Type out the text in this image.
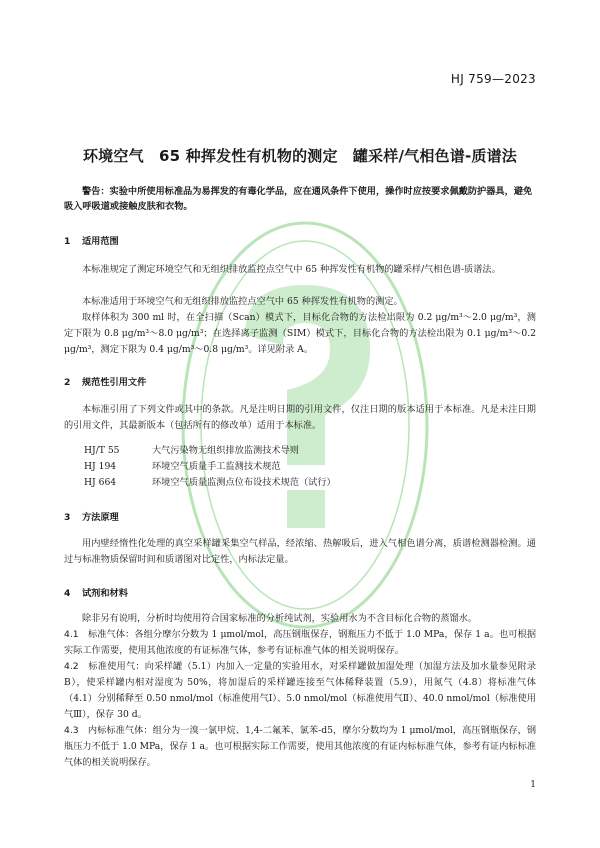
HJ 759—2023
环境空气　65 种挥发性有机物的测定　罐采样/气相色谱-质谱法
警告：实验中所使用标准品为易挥发的有毒化学品，应在通风条件下使用，操作时应按要求佩戴防护器具，避免吸入呼吸道或接触皮肤和衣物。
1 适用范围
本标准规定了测定环境空气和无组织排放监控点空气中 65 种挥发性有机物的罐采样/气相色谱-质谱法。
本标准适用于环境空气和无组织排放监控点空气中 65 种挥发性有机物的测定。
取样体积为 300 ml 时，在全扫描（Scan）模式下，目标化合物的方法检出限为 0.2 μg/m³～2.0 μg/m³，测定下限为 0.8 μg/m³～8.0 μg/m³；在选择离子监测（SIM）模式下，目标化合物的方法检出限为 0.1 μg/m³～0.2 μg/m³，测定下限为 0.4 μg/m³～0.8 μg/m³。详见附录 A。
2 规范性引用文件
本标准引用了下列文件或其中的条款。凡是注明日期的引用文件，仅注日期的版本适用于本标准。凡是未注日期的引用文件，其最新版本（包括所有的修改单）适用于本标准。
HJ/T 55	大气污染物无组织排放监测技术导则
HJ 194	环境空气质量手工监测技术规范
HJ 664	环境空气质量监测点位布设技术规范（试行）
3 方法原理
用内壁经惰性化处理的真空采样罐采集空气样品，经浓缩、热解吸后，进入气相色谱分离，质谱检测器检测。通过与标准物质保留时间和质谱图对比定性，内标法定量。
4 试剂和材料
除非另有说明，分析时均使用符合国家标准的分析纯试剂，实验用水为不含目标化合物的蒸馏水。
4.1　 标准气体：各组分摩尔分数为 1 μmol/mol，高压钢瓶保存，钢瓶压力不低于 1.0 MPa，保存 1 a。也可根据实际工作需要，使用其他浓度的有证标准气体，参考有证标准气体的相关说明保存。
4.2　 标准使用气：向采样罐（5.1）内加入一定量的实验用水，对采样罐做加湿处理（加湿方法及加水量参见附录 B），使采样罐内相对湿度为 50%，将加湿后的采样罐连接至气体稀释装置（5.9），用氮气（4.8）将标准气体（4.1）分别稀释至 0.50 nmol/mol（标准使用气Ⅰ）、5.0 nmol/mol（标准使用气Ⅱ）、40.0 nmol/mol（标准使用气Ⅲ），保存 30 d。
4.3　 内标标准气体：组分为一溴一氯甲烷、1,4-二氟苯、氯苯-d5，摩尔分数均为 1 μmol/mol，高压钢瓶保存，钢瓶压力不低于 1.0 MPa，保存 1 a。也可根据实际工作需要，使用其他浓度的有证内标标准气体，参考有证内标标准气体的相关说明保存。
1
